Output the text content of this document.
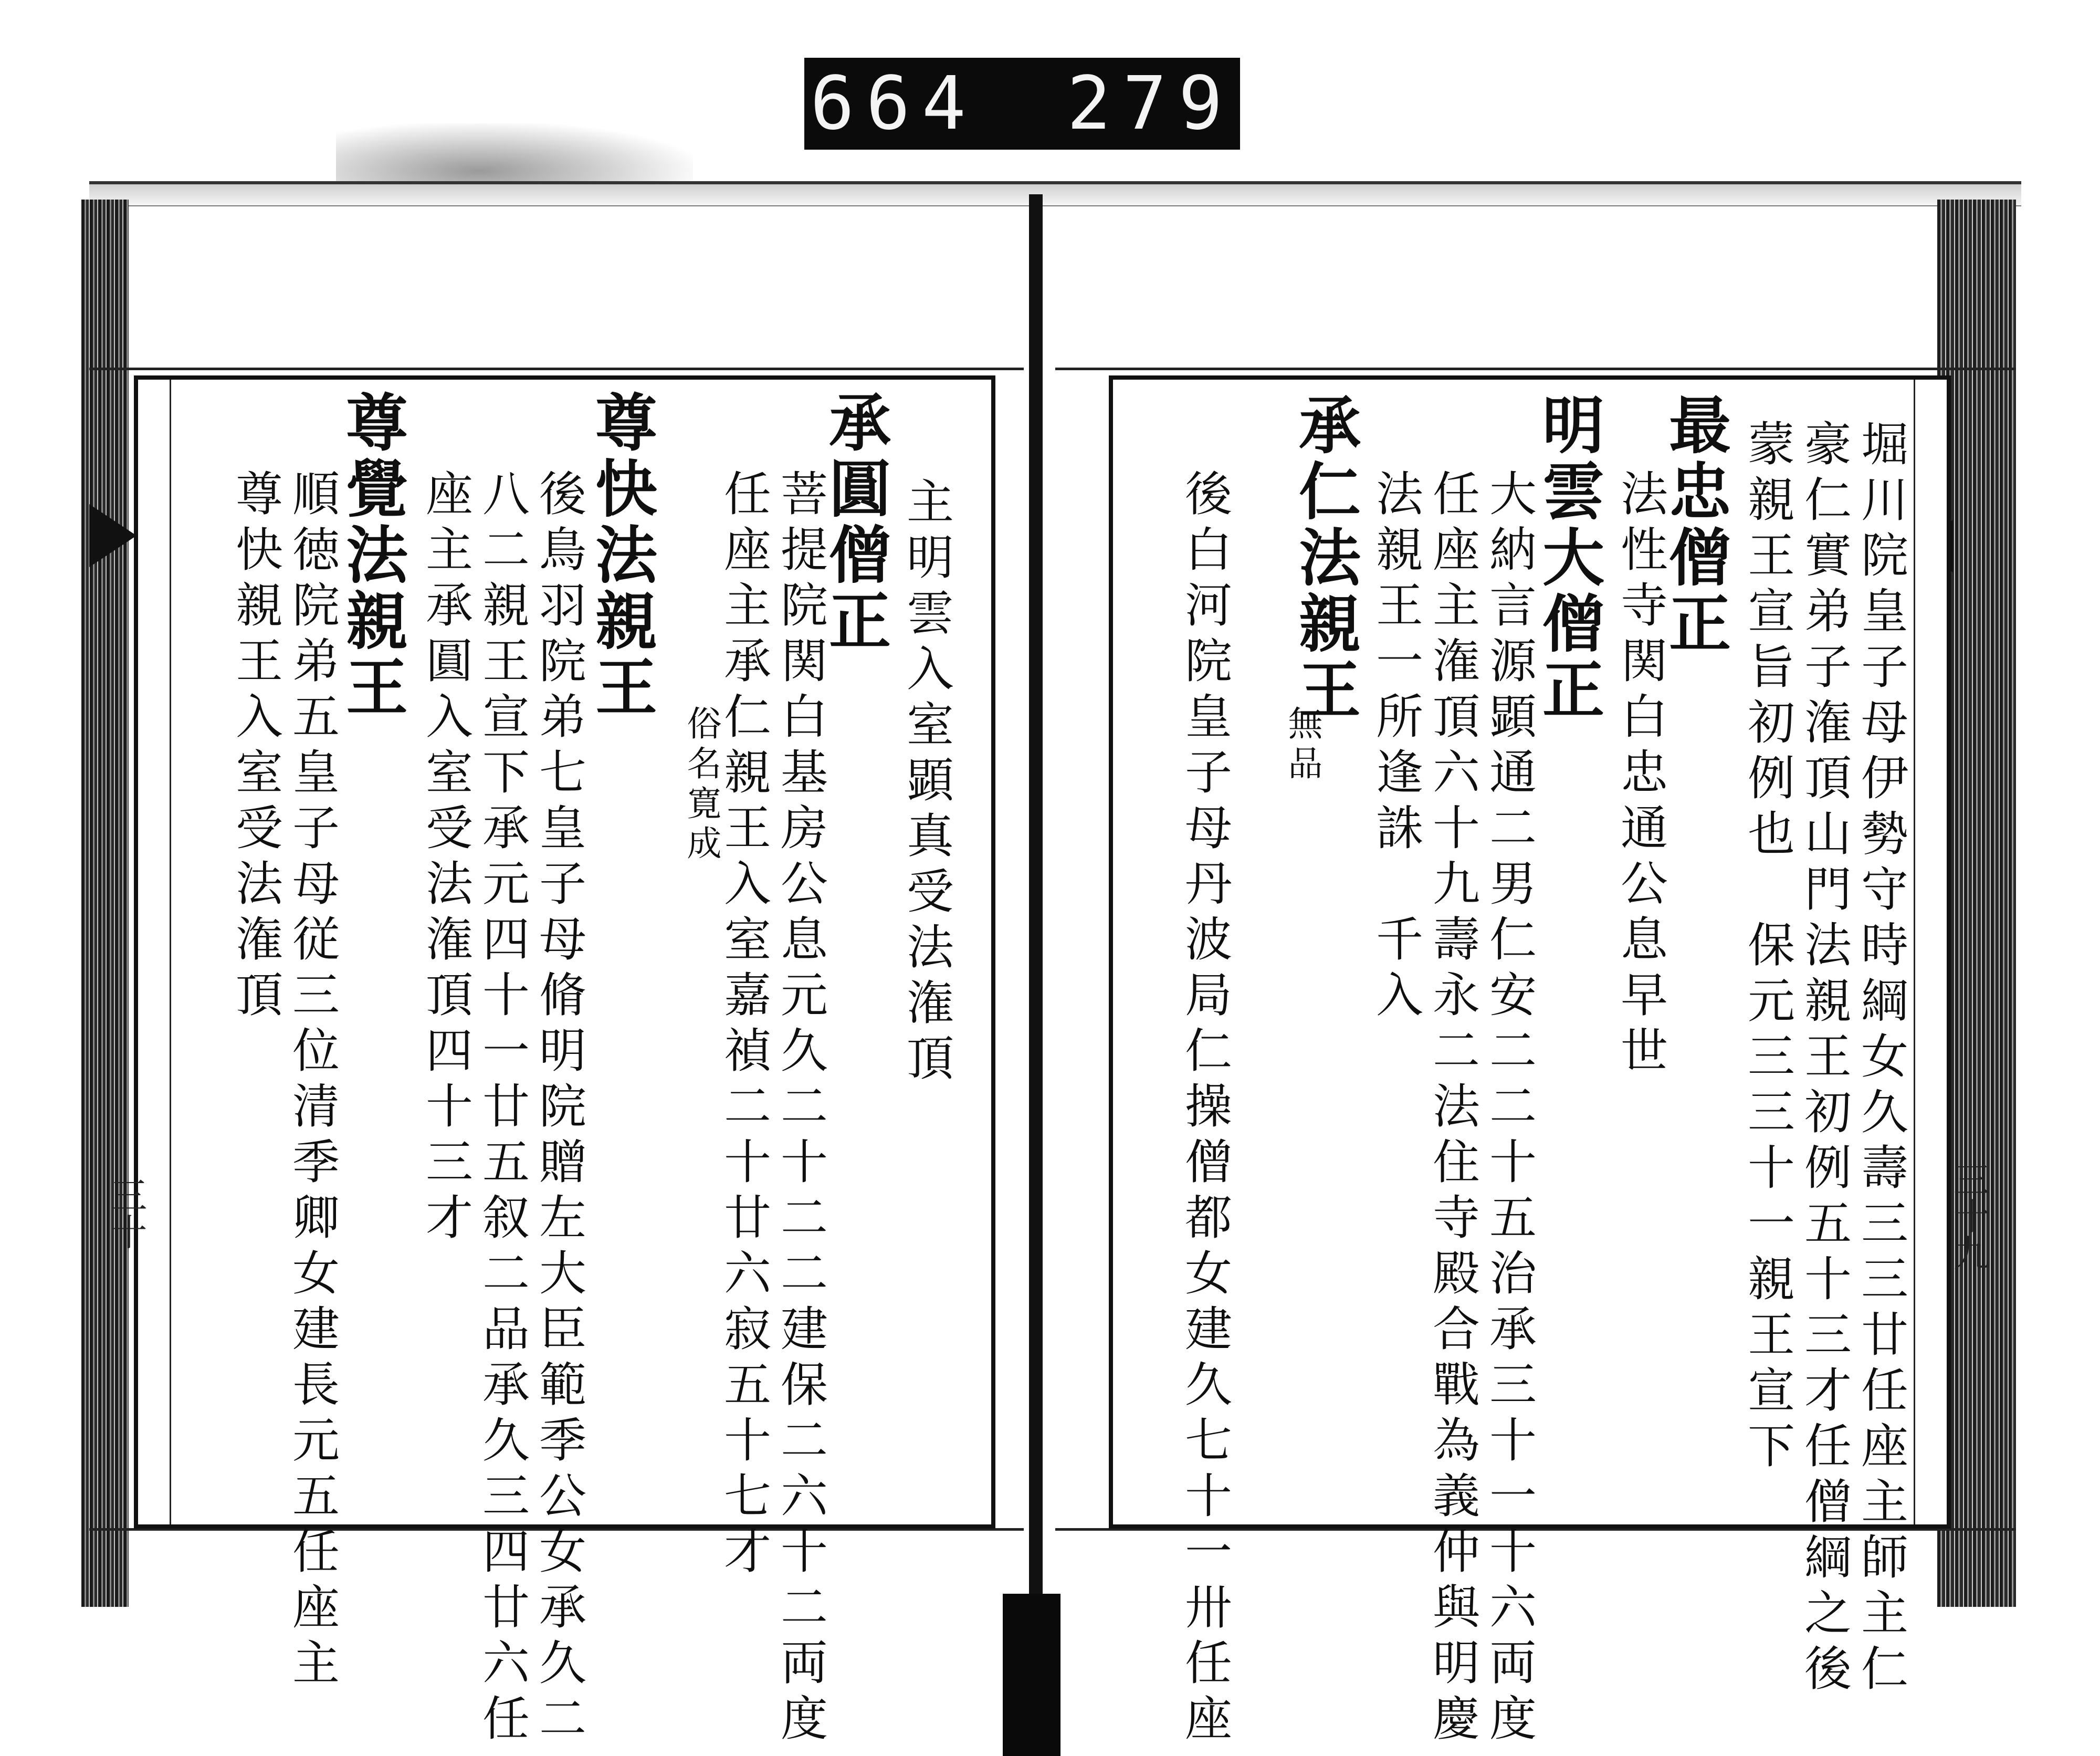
664 279
堀川院皇子母伊勢守時綱女久壽三三廿任座主師主仁
豪仁實弟子潅頂山門法親王初例五十三才任僧綱之後
蒙親王宣旨初例也　保元三三十一親王宣下
最忠僧正
法性寺関白忠通公息早世
明雲大僧正
大納言源顕通二男仁安二二十五治承三十一十六両度
任座主潅頂六十九壽永二法住寺殿合戰為義仲與明慶
法親王一所逢誅　千入
承仁法親王
無品
後白河院皇子母丹波局仁操僧都女建久七十一卅任座	三十九
主明雲入室顕真受法潅頂
承圓僧正
菩提院関白基房公息元久二十二二建保二六十二両度
任座主承仁親王入室嘉禎二十廿六寂五十七才
俗名寛成
尊快法親王
後鳥羽院弟七皇子母脩明院贈左大臣範季公女承久二
八二親王宣下承元四十一廿五叙二品承久三四廿六任
座主承圓入室受法潅頂四十三才
尊覺法親王
順徳院弟五皇子母従三位清季卿女建長元五任座主
尊快親王入室受法潅頂
三十
